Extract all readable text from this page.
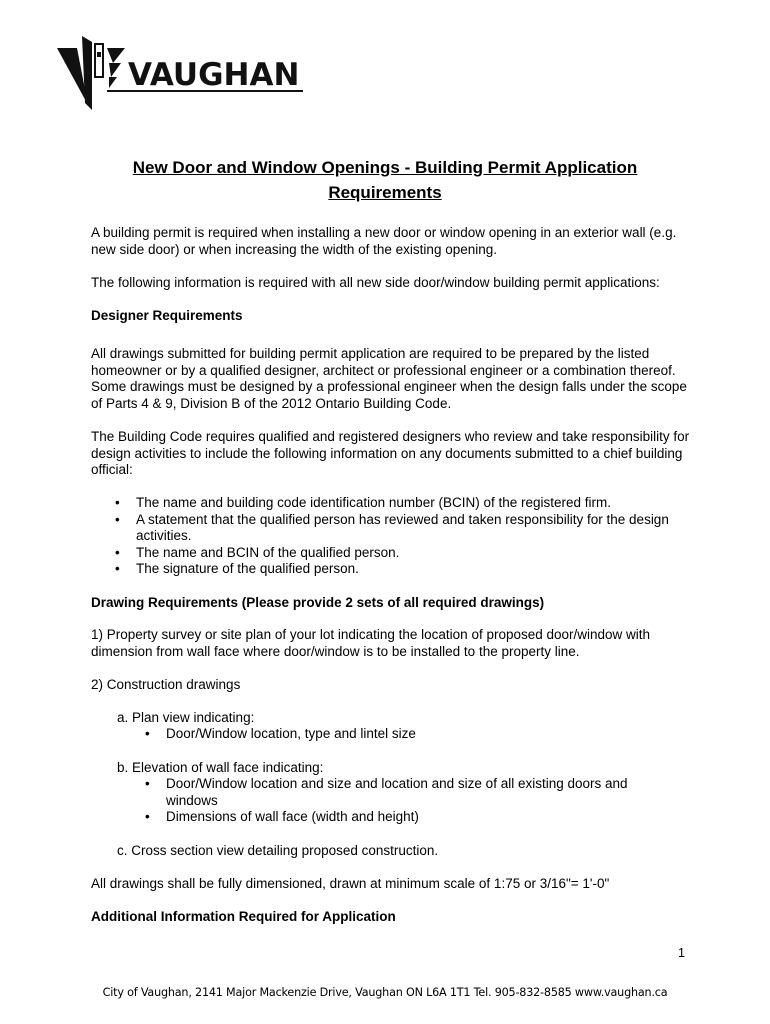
VAUGHAN
New Door and Window Openings - Building Permit Application
Requirements

A building permit is required when installing a new door or window opening in an exterior wall (e.g. new side door) or when increasing the width of the existing opening.

The following information is required with all new side door/window building permit applications:

Designer Requirements

All drawings submitted for building permit application are required to be prepared by the listed homeowner or by a qualified designer, architect or professional engineer or a combination thereof. Some drawings must be designed by a professional engineer when the design falls under the scope of Parts 4 & 9, Division B of the 2012 Ontario Building Code.

The Building Code requires qualified and registered designers who review and take responsibility for design activities to include the following information on any documents submitted to a chief building official:

• The name and building code identification number (BCIN) of the registered firm.
• A statement that the qualified person has reviewed and taken responsibility for the design activities.
• The name and BCIN of the qualified person.
• The signature of the qualified person.

Drawing Requirements (Please provide 2 sets of all required drawings)

1) Property survey or site plan of your lot indicating the location of proposed door/window with dimension from wall face where door/window is to be installed to the property line.

2) Construction drawings

a. Plan view indicating:

• Door/Window location, type and lintel size

b. Elevation of wall face indicating:

• Door/Window location and size and location and size of all existing doors and windows
• Dimensions of wall face (width and height)

c. Cross section view detailing proposed construction.

All drawings shall be fully dimensioned, drawn at minimum scale of 1:75 or 3/16"= 1'-0"

Additional Information Required for Application

1
City of Vaughan, 2141 Major Mackenzie Drive, Vaughan ON L6A 1T1 Tel. 905-832-8585 www.vaughan.ca
